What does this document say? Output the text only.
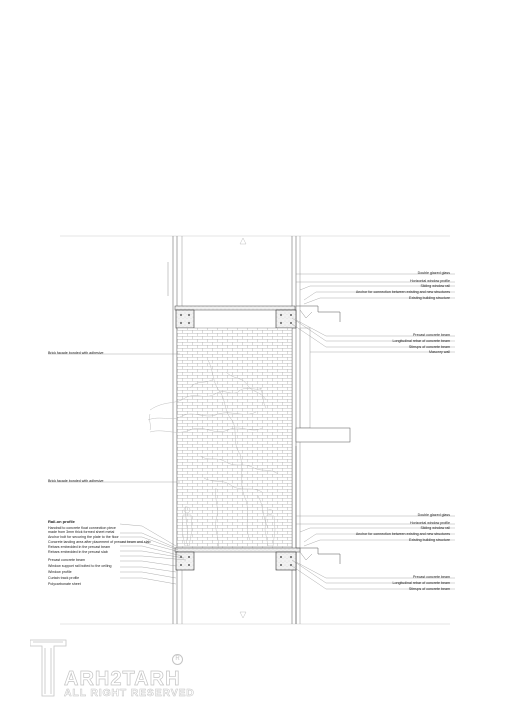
Double glazed glass
Horizontal window profile
Sliding window rail
Anchor for connection between existing and new structures
Existing building structure
Precast concrete beam
Longitudinal rebar of concrete beam
Stirrups of concrete beam
Masonry wall
Brick facade bonded with adhesive
Brick facade bonded with adhesive
Rail-on profile
Handrail to concrete float connection piece
made from 3mm thick formed sheet metal
Anchor bolt for securing the plate to the floor
Concrete landing area after placement of precast beam and slab
Rebars embedded in the precast beam
Rebars embedded in the precast slab
Precast concrete beam
Window support rail bolted to the ceiling
Window profile
Curtain track profile
Polycarbonate sheet
Double glazed glass
Horizontal window profile
Sliding window rail
Anchor for connection between existing and new structures
Existing building structure
Precast concrete beam
Longitudinal rebar of concrete beam
Stirrups of concrete beam
ARH2TARH
ALL RIGHT RESERVED
R
